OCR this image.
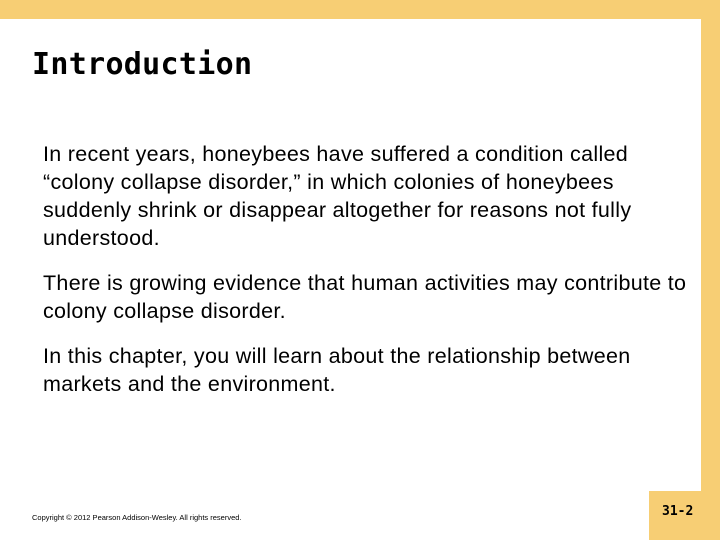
Introduction

In recent years, honeybees have suffered a condition called “colony collapse disorder,” in which colonies of honeybees suddenly shrink or disappear altogether for reasons not fully understood.

There is growing evidence that human activities may contribute to colony collapse disorder.

In this chapter, you will learn about the relationship between markets and the environment.

Copyright © 2012 Pearson Addison-Wesley. All rights reserved.	31-2
